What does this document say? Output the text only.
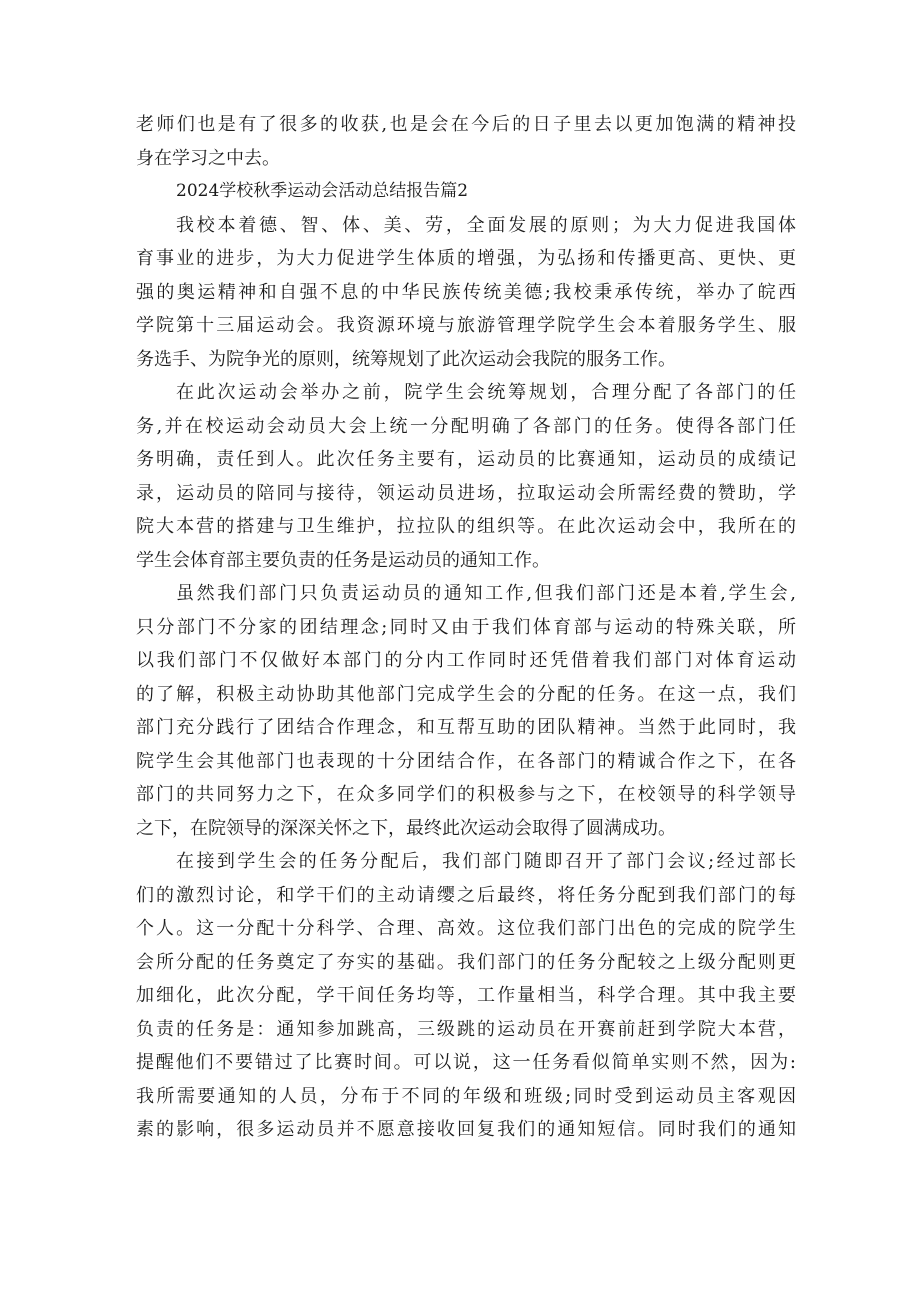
老师们也是有了很多的收获,也是会在今后的日子里去以更加饱满的精神投
身在学习之中去。
2024学校秋季运动会活动总结报告篇2
我校本着德、智、体、美、劳，全面发展的原则；为大力促进我国体
育事业的进步，为大力促进学生体质的增强，为弘扬和传播更高、更快、更
强的奥运精神和自强不息的中华民族传统美德;我校秉承传统，举办了皖西
学院第十三届运动会。我资源环境与旅游管理学院学生会本着服务学生、服
务选手、为院争光的原则，统筹规划了此次运动会我院的服务工作。
在此次运动会举办之前，院学生会统筹规划，合理分配了各部门的任
务,并在校运动会动员大会上统一分配明确了各部门的任务。使得各部门任
务明确，责任到人。此次任务主要有，运动员的比赛通知，运动员的成绩记
录，运动员的陪同与接待，领运动员进场，拉取运动会所需经费的赞助，学
院大本营的搭建与卫生维护，拉拉队的组织等。在此次运动会中，我所在的
学生会体育部主要负责的任务是运动员的通知工作。
虽然我们部门只负责运动员的通知工作,但我们部门还是本着,学生会,
只分部门不分家的团结理念;同时又由于我们体育部与运动的特殊关联，所
以我们部门不仅做好本部门的分内工作同时还凭借着我们部门对体育运动
的了解，积极主动协助其他部门完成学生会的分配的任务。在这一点，我们
部门充分践行了团结合作理念，和互帮互助的团队精神。当然于此同时，我
院学生会其他部门也表现的十分团结合作，在各部门的精诚合作之下，在各
部门的共同努力之下，在众多同学们的积极参与之下，在校领导的科学领导
之下，在院领导的深深关怀之下，最终此次运动会取得了圆满成功。
在接到学生会的任务分配后，我们部门随即召开了部门会议;经过部长
们的激烈讨论，和学干们的主动请缨之后最终，将任务分配到我们部门的每
个人。这一分配十分科学、合理、高效。这位我们部门出色的完成的院学生
会所分配的任务奠定了夯实的基础。我们部门的任务分配较之上级分配则更
加细化，此次分配，学干间任务均等，工作量相当，科学合理。其中我主要
负责的任务是：通知参加跳高，三级跳的运动员在开赛前赶到学院大本营，
提醒他们不要错过了比赛时间。可以说，这一任务看似简单实则不然，因为:
我所需要通知的人员，分布于不同的年级和班级;同时受到运动员主客观因
素的影响，很多运动员并不愿意接收回复我们的通知短信。同时我们的通知
